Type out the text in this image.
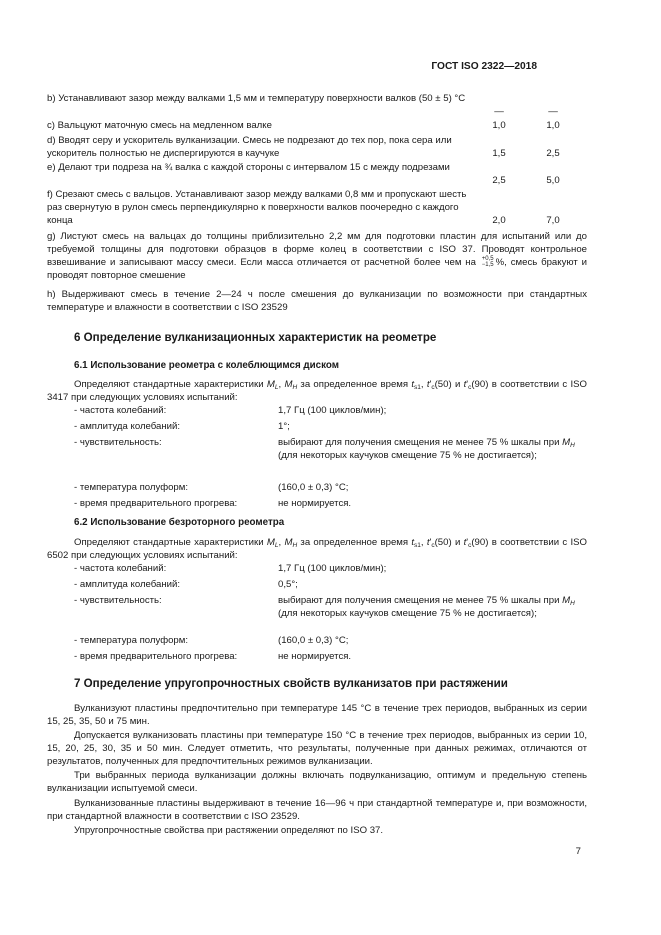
ГОСТ ISO 2322—2018
b) Устанавливают зазор между валками 1,5 мм и температуру поверхности валков (50 ± 5) °С
—	—
c) Вальцуют маточную смесь на медленном валке	1,0	1,0
d) Вводят серу и ускоритель вулканизации. Смесь не подрезают до тех пор, пока сера или ускоритель полностью не диспергируются в каучуке	1,5	2,5
e) Делают три подреза на ¾ валка с каждой стороны с интервалом 15 с между подрезами
2,5	5,0
f) Срезают смесь с вальцов. Устанавливают зазор между валками 0,8 мм и пропускают шесть раз свернутую в рулон смесь перпендикулярно к поверхности валков поочередно с каждого конца	2,0	7,0
g) Листуют смесь на вальцах до толщины приблизительно 2,2 мм для подготовки пластин для испытаний или до требуемой толщины для подготовки образцов в форме колец в соответствии с ISO 37. Проводят контрольное взвешивание и записывают массу смеси. Если масса отличается от расчетной более чем на +0,5
−1,5 %, смесь бракуют и проводят повторное смешение
h) Выдерживают смесь в течение 2—24 ч после смешения до вулканизации по возможности при стандартных температуре и влажности в соответствии с ISO 23529
6 Определение вулканизационных характеристик на реометре
6.1 Использование реометра с колеблющимся диском
Определяют стандартные характеристики $M_L$, $M_H$ за определенное время $t_{s1}$, $t'_c(50)$ и $t'_c(90)$ в соответствии с ISO 3417 при следующих условиях испытаний:
- частота колебаний:	1,7 Гц (100 циклов/мин);
- амплитуда колебаний:	1°;
- чувствительность:	выбирают для получения смещения не менее 75 % шкалы при $M_H$ (для некоторых каучуков смещение 75 % не достигается);
- температура полуформ:	(160,0 ± 0,3) °С;
- время предварительного прогрева:	не нормируется.
6.2 Использование безроторного реометра
Определяют стандартные характеристики $M_L$, $M_H$ за определенное время $t_{s1}$, $t'_c(50)$ и $t'_c(90)$ в соответствии с ISO 6502 при следующих условиях испытаний:
- частота колебаний:	1,7 Гц (100 циклов/мин);
- амплитуда колебаний:	0,5°;
- чувствительность:	выбирают для получения смещения не менее 75 % шкалы при $M_H$ (для некоторых каучуков смещение 75 % не достигается);
- температура полуформ:	(160,0 ± 0,3) °С;
- время предварительного прогрева:	не нормируется.
7 Определение упругопрочностных свойств вулканизатов при растяжении
Вулканизуют пластины предпочтительно при температуре 145 °С в течение трех периодов, выбранных из серии 15, 25, 35, 50 и 75 мин.
Допускается вулканизовать пластины при температуре 150 °С в течение трех периодов, выбранных из серии 10, 15, 20, 25, 30, 35 и 50 мин. Следует отметить, что результаты, полученные при данных режимах, отличаются от результатов, полученных для предпочтительных режимов вулканизации.
Три выбранных периода вулканизации должны включать подвулканизацию, оптимум и предельную степень вулканизации испытуемой смеси.
Вулканизованные пластины выдерживают в течение 16—96 ч при стандартной температуре и, при возможности, при стандартной влажности в соответствии с ISO 23529.
Упругопрочностные свойства при растяжении определяют по ISO 37.
7
